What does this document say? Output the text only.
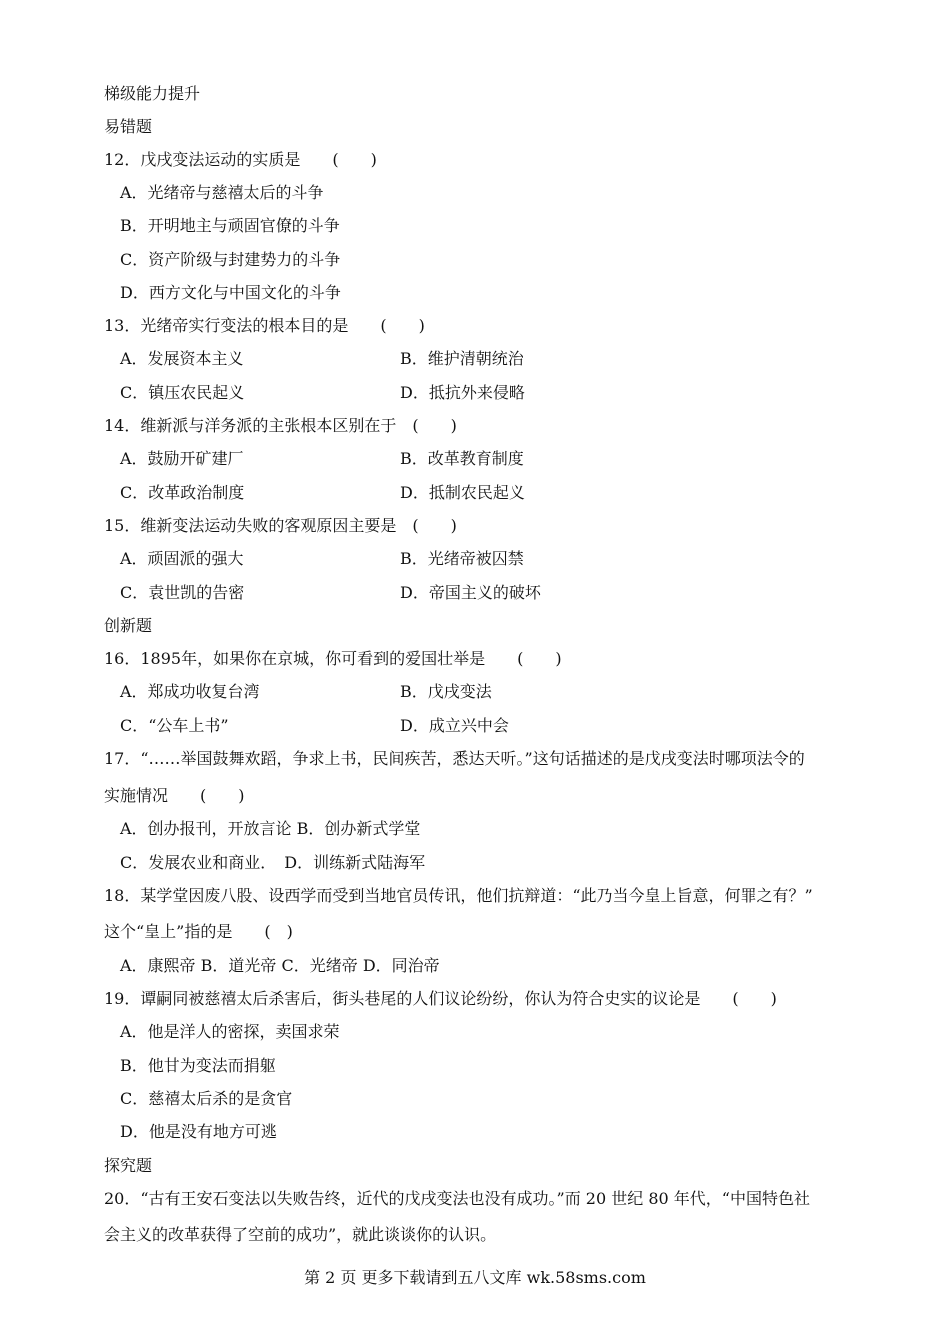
梯级能力提升
易错题
12．戊戌变法运动的实质是　　(　　)
A．光绪帝与慈禧太后的斗争
B．开明地主与顽固官僚的斗争
C．资产阶级与封建势力的斗争
D．西方文化与中国文化的斗争
13．光绪帝实行变法的根本目的是　　(　　)
A．发展资本主义	B．维护清朝统治
C．镇压农民起义	D．抵抗外来侵略
14．维新派与洋务派的主张根本区别在于　(　　)
A．鼓励开矿建厂	B．改革教育制度
C．改革政治制度	D．抵制农民起义
15．维新变法运动失败的客观原因主要是　(　　)
A．顽固派的强大	B．光绪帝被囚禁
C．袁世凯的告密	D．帝国主义的破坏
创新题
16．1895年，如果你在京城，你可看到的爱国壮举是　　(　　)
A．郑成功收复台湾	B．戊戌变法
C．“公车上书”	D．成立兴中会
17．“……举国鼓舞欢蹈，争求上书，民间疾苦，悉达天听。”这句话描述的是戊戌变法时哪项法令的
实施情况　　(　　)
A．创办报刊，开放言论 B．创办新式学堂
C．发展农业和商业．　D．训练新式陆海军
18．某学堂因废八股、设西学而受到当地官员传讯，他们抗辩道：“此乃当今皇上旨意，何罪之有？”
这个“皇上”指的是　　(　)
A．康熙帝 B．道光帝 C．光绪帝 D．同治帝
19．谭嗣同被慈禧太后杀害后，街头巷尾的人们议论纷纷，你认为符合史实的议论是　　(　　)
A．他是洋人的密探，卖国求荣
B．他甘为变法而捐躯
C．慈禧太后杀的是贪官
D．他是没有地方可逃
探究题
20．“古有王安石变法以失败告终，近代的戊戌变法也没有成功。”而 20 世纪 80 年代，“中国特色社
会主义的改革获得了空前的成功”，就此谈谈你的认识。
第 2 页 更多下载请到五八文库 wk.58sms.com
